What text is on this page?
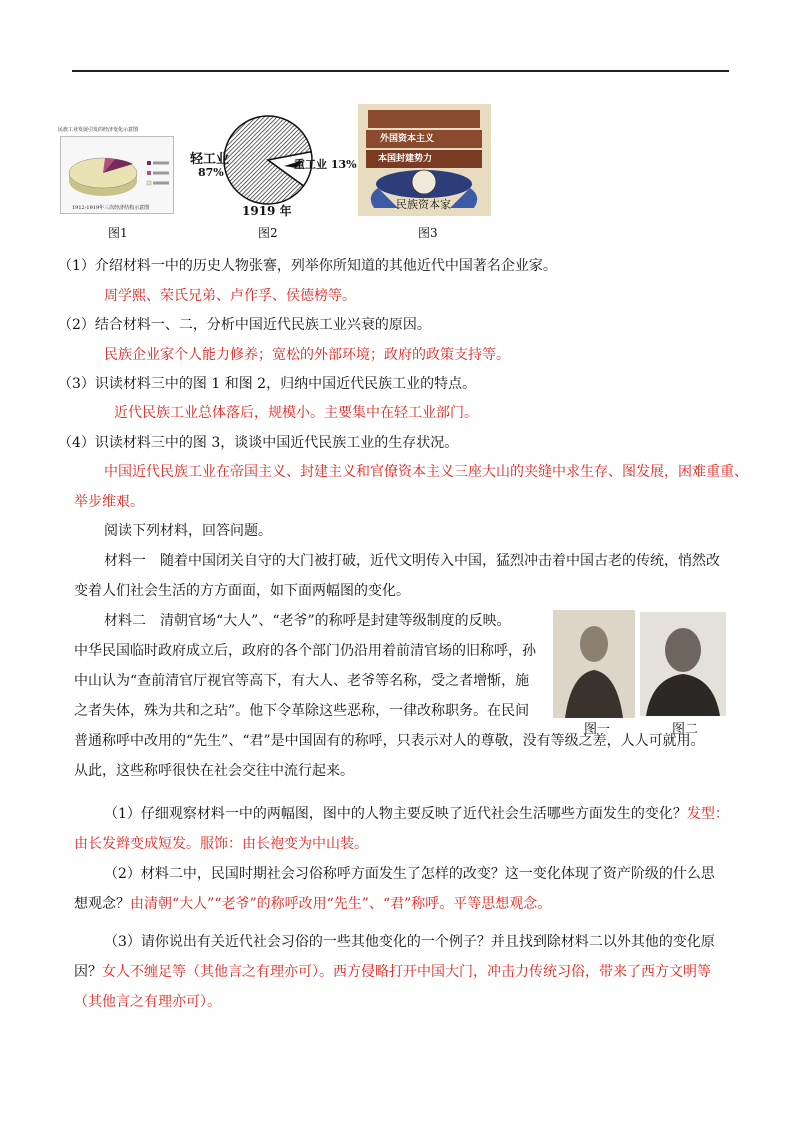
民族工业发展引发的经济变化示意图
1912-1919年三次经济结构示意图
图1
轻工业
87%
重工业 13%
1919 年
图2
外国资本主义
本国封建势力
民族资本家
图3
（1）介绍材料一中的历史人物张謇，列举你所知道的其他近代中国著名企业家。
周学熙、荣氏兄弟、卢作孚、侯德榜等。
（2）结合材料一、二，分析中国近代民族工业兴衰的原因。
民族企业家个人能力修养；宽松的外部环境；政府的政策支持等。
（3）识读材料三中的图 1 和图 2，归纳中国近代民族工业的特点。
近代民族工业总体落后，规模小。主要集中在轻工业部门。
（4）识读材料三中的图 3，谈谈中国近代民族工业的生存状况。
中国近代民族工业在帝国主义、封建主义和官僚资本主义三座大山的夹缝中求生存、图发展，困难重重、
举步维艰。
阅读下列材料，回答问题。
材料一　随着中国闭关自守的大门被打破，近代文明传入中国，猛烈冲击着中国古老的传统，悄然改
变着人们社会生活的方方面面，如下面两幅图的变化。
材料二　清朝官场“大人”、“老爷”的称呼是封建等级制度的反映。
中华民国临时政府成立后，政府的各个部门仍沿用着前清官场的旧称呼，孙
中山认为“查前清官厅视官等高下，有大人、老爷等名称，受之者增惭，施
之者失体，殊为共和之玷”。他下令革除这些恶称，一律改称职务。在民间
普通称呼中改用的“先生”、“君”是中国固有的称呼，只表示对人的尊敬，没有等级之差，人人可就用。
从此，这些称呼很快在社会交往中流行起来。
图一	图二
（1）仔细观察材料一中的两幅图，图中的人物主要反映了近代社会生活哪些方面发生的变化？发型：
由长发辫变成短发。服饰：由长袍变为中山装。
（2）材料二中，民国时期社会习俗称呼方面发生了怎样的改变？这一变化体现了资产阶级的什么思
想观念？由清朝“大人”“老爷”的称呼改用“先生”、“君”称呼。平等思想观念。
（3）请你说出有关近代社会习俗的一些其他变化的一个例子？并且找到除材料二以外其他的变化原
因？女人不缠足等（其他言之有理亦可）。西方侵略打开中国大门，冲击力传统习俗，带来了西方文明等
（其他言之有理亦可）。
